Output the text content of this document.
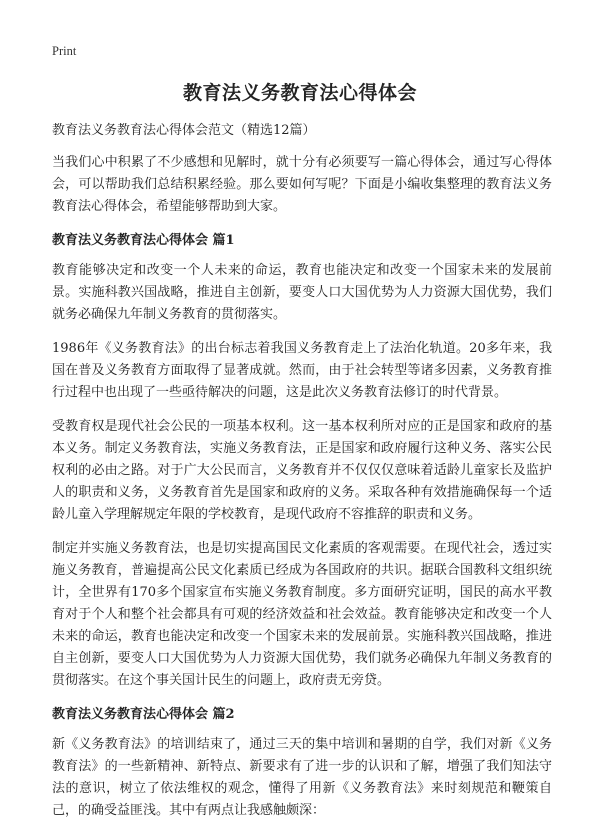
Print
教育法义务教育法心得体会
教育法义务教育法心得体会范文（精选12篇）

当我们心中积累了不少感想和见解时，就十分有必须要写一篇心得体会，通过写心得体会，可以帮助我们总结积累经验。那么要如何写呢？下面是小编收集整理的教育法义务教育法心得体会，希望能够帮助到大家。

教育法义务教育法心得体会 篇1

教育能够决定和改变一个人未来的命运，教育也能决定和改变一个国家未来的发展前景。实施科教兴国战略，推进自主创新，要变人口大国优势为人力资源大国优势，我们就务必确保九年制义务教育的贯彻落实。

1986年《义务教育法》的出台标志着我国义务教育走上了法治化轨道。20多年来，我国在普及义务教育方面取得了显著成就。然而，由于社会转型等诸多因素，义务教育推行过程中也出现了一些亟待解决的问题，这是此次义务教育法修订的时代背景。

受教育权是现代社会公民的一项基本权利。这一基本权利所对应的正是国家和政府的基本义务。制定义务教育法，实施义务教育法，正是国家和政府履行这种义务、落实公民权利的必由之路。对于广大公民而言，义务教育并不仅仅仅意味着适龄儿童家长及监护人的职责和义务，义务教育首先是国家和政府的义务。采取各种有效措施确保每一个适龄儿童入学理解规定年限的学校教育，是现代政府不容推辞的职责和义务。

制定并实施义务教育法，也是切实提高国民文化素质的客观需要。在现代社会，透过实施义务教育，普遍提高公民文化素质已经成为各国政府的共识。据联合国教科文组织统计，全世界有170多个国家宣布实施义务教育制度。多方面研究证明，国民的高水平教育对于个人和整个社会都具有可观的经济效益和社会效益。教育能够决定和改变一个人未来的命运，教育也能决定和改变一个国家未来的发展前景。实施科教兴国战略，推进自主创新，要变人口大国优势为人力资源大国优势，我们就务必确保九年制义务教育的贯彻落实。在这个事关国计民生的问题上，政府责无旁贷。

教育法义务教育法心得体会 篇2

新《义务教育法》的培训结束了，通过三天的集中培训和暑期的自学，我们对新《义务教育法》的一些新精神、新特点、新要求有了进一步的认识和了解，增强了我们知法守法的意识，树立了依法维权的观念，懂得了用新《义务教育法》来时刻规范和鞭策自己，的确受益匪浅。其中有两点让我感触颇深：
